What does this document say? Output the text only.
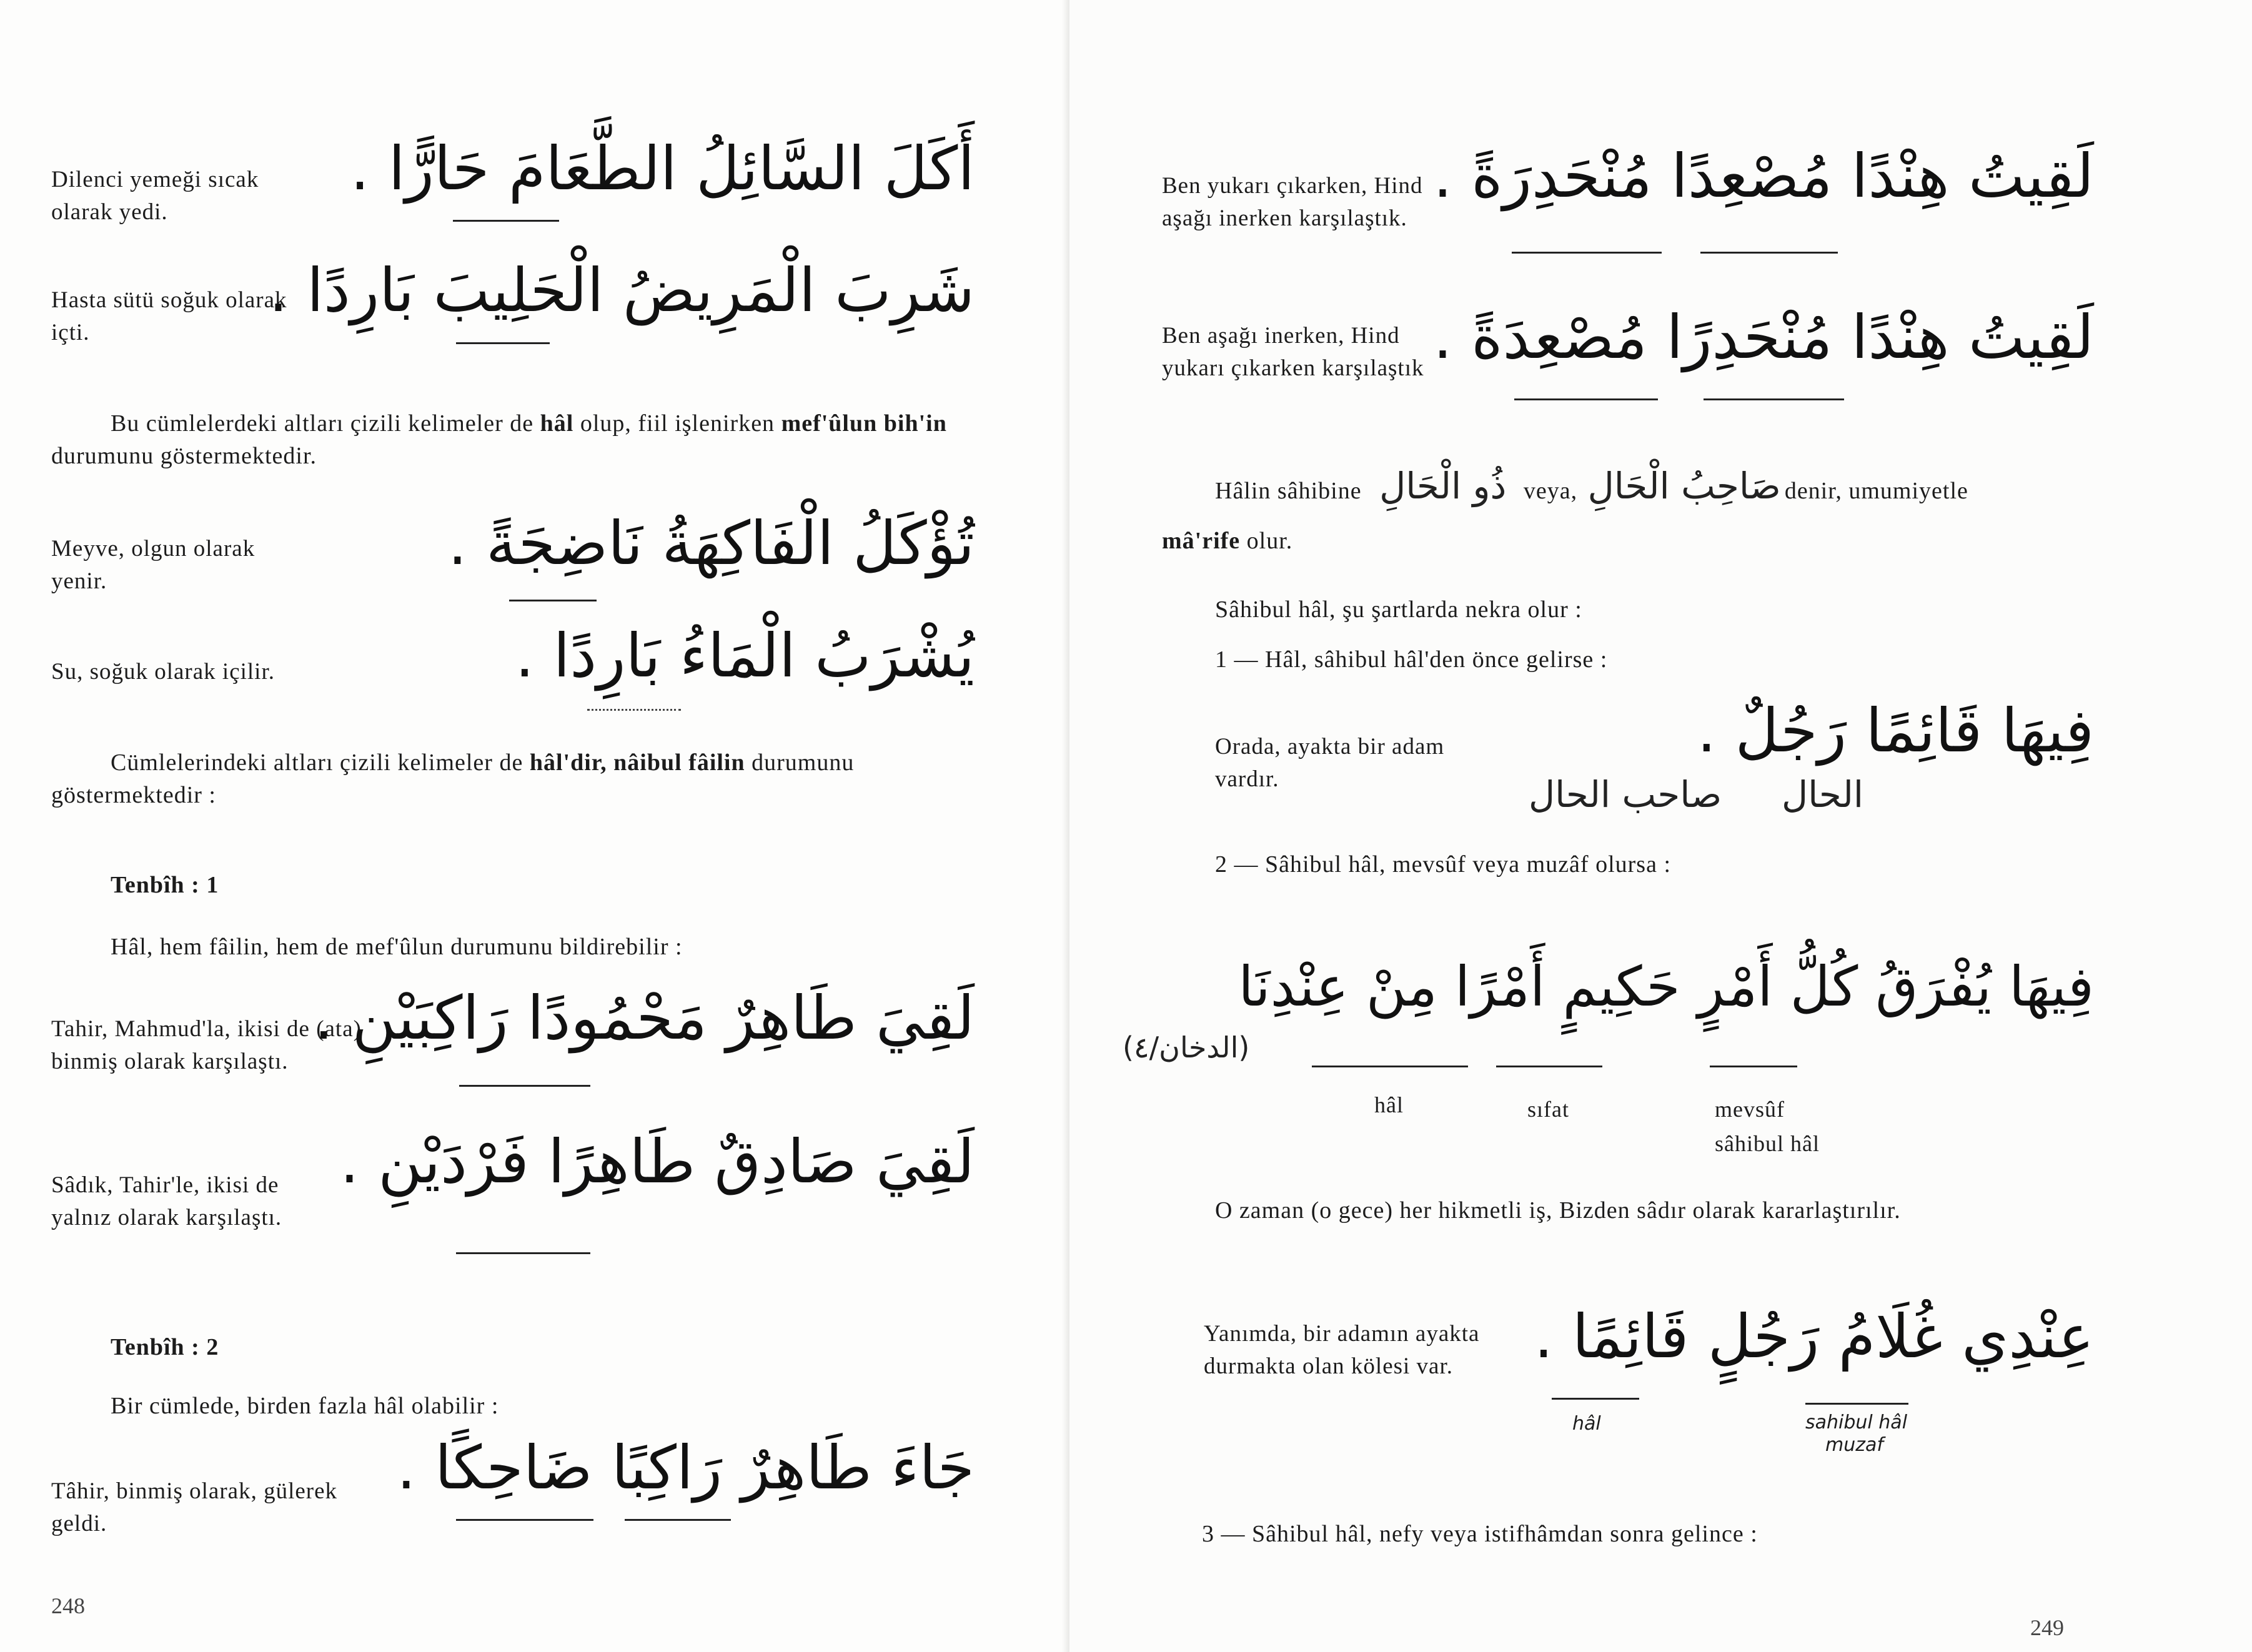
Dilenci yemeği sıcak olarak yedi.
أَكَلَ السَّائِلُ الطَّعَامَ حَارًّا .
Hasta sütü soğuk olarak içti.
شَرِبَ الْمَرِيضُ الْحَلِيبَ بَارِدًا .
Bu cümlelerdeki altları çizili kelimeler de hâl olup, fiil işlenirken mef'ûlun bih'in durumunu göstermektedir.
Meyve, olgun olarak yenir.
تُؤْكَلُ الْفَاكِهَةُ نَاضِجَةً .
Su, soğuk olarak içilir.	يُشْرَبُ الْمَاءُ بَارِدًا .
Cümlelerindeki altları çizili kelimeler de hâl'dir, nâibul fâilin durumunu göstermektedir :
Tenbîh : 1
Hâl, hem fâilin, hem de mef'ûlun durumunu bildirebilir :
Tahir, Mahmud'la, ikisi de (ata) binmiş olarak karşılaştı.
لَقِيَ طَاهِرٌ مَحْمُودًا رَاكِبَيْنِ .
Sâdık, Tahir'le, ikisi de yalnız olarak karşılaştı.
لَقِيَ صَادِقٌ طَاهِرًا فَرْدَيْنِ .
Tenbîh : 2
Bir cümlede, birden fazla hâl olabilir :
Tâhir, binmiş olarak, gülerek geldi.
جَاءَ طَاهِرٌ رَاكِبًا ضَاحِكًا .
248
Ben yukarı çıkarken, Hind aşağı inerken karşılaştık.
لَقِيتُ هِنْدًا مُصْعِدًا مُنْحَدِرَةً .
Ben aşağı inerken, Hind yukarı çıkarken karşılaştık لَقِيتُ هِنْدًا مُنْحَدِرًا مُصْعِدَةً .
Hâlin sâhibine ذُو الْحَالِ veya, صَاحِبُ الْحَالِ denir, umumiyetle
mâ'rife olur.
Sâhibul hâl, şu şartlarda nekra olur :
1 — Hâl, sâhibul hâl'den önce gelirse :
Orada, ayakta bir adam vardır.
فِيهَا قَائِمًا رَجُلٌ .
صاحب الحال الحال
2 — Sâhibul hâl, mevsûf veya muzâf olursa :
فِيهَا يُفْرَقُ كُلُّ أَمْرٍ حَكِيمٍ أَمْرًا مِنْ عِنْدِنَا
(الدخان/٤)
hâl	sıfat	mevsûf
sâhibul hâl
O zaman (o gece) her hikmetli iş, Bizden sâdır olarak kararlaştırılır.
Yanımda, bir adamın ayakta durmakta olan kölesi var.	عِنْدِي غُلَامُ رَجُلٍ قَائِمًا .
hâl	sahibul hâl
muzaf
3 — Sâhibul hâl, nefy veya istifhâmdan sonra gelince :
249
